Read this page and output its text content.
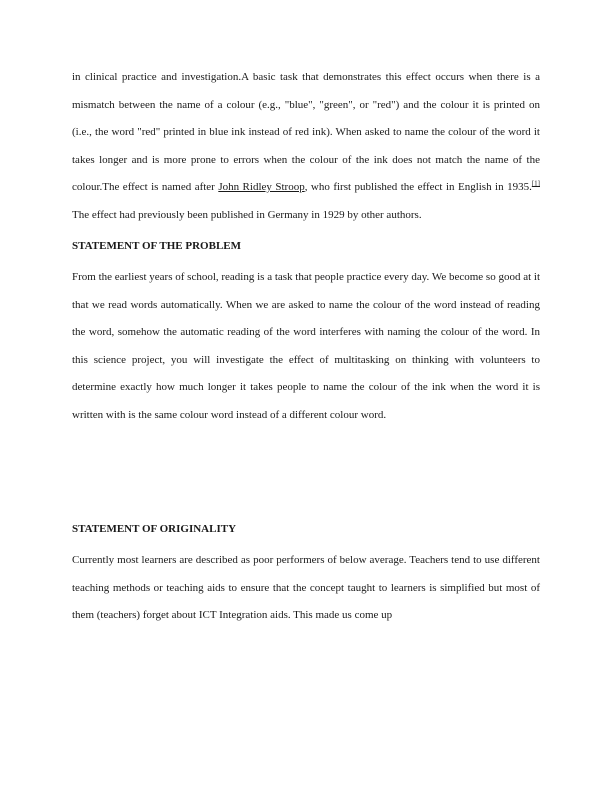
in clinical practice and investigation.A basic task that demonstrates this effect occurs when there is a mismatch between the name of a colour (e.g., "blue", "green", or "red") and the colour it is printed on (i.e., the word "red" printed in blue ink instead of red ink). When asked to name the colour of the word it takes longer and is more prone to errors when the colour of the ink does not match the name of the colour.The effect is named after John Ridley Stroop, who first published the effect in English in 1935.[1] The effect had previously been published in Germany in 1929 by other authors.

STATEMENT OF THE PROBLEM

From the earliest years of school, reading is a task that people practice every day. We become so good at it that we read words automatically. When we are asked to name the colour of the word instead of reading the word, somehow the automatic reading of the word interferes with naming the colour of the word. In this science project, you will investigate the effect of multitasking on thinking with volunteers to determine exactly how much longer it takes people to name the colour of the ink when the word it is written with is the same colour word instead of a different colour word.

STATEMENT OF ORIGINALITY

Currently most learners are described as poor performers of below average. Teachers tend to use different teaching methods or teaching aids to ensure that the concept taught to learners is simplified but most of them (teachers) forget about ICT Integration aids. This made us come up
